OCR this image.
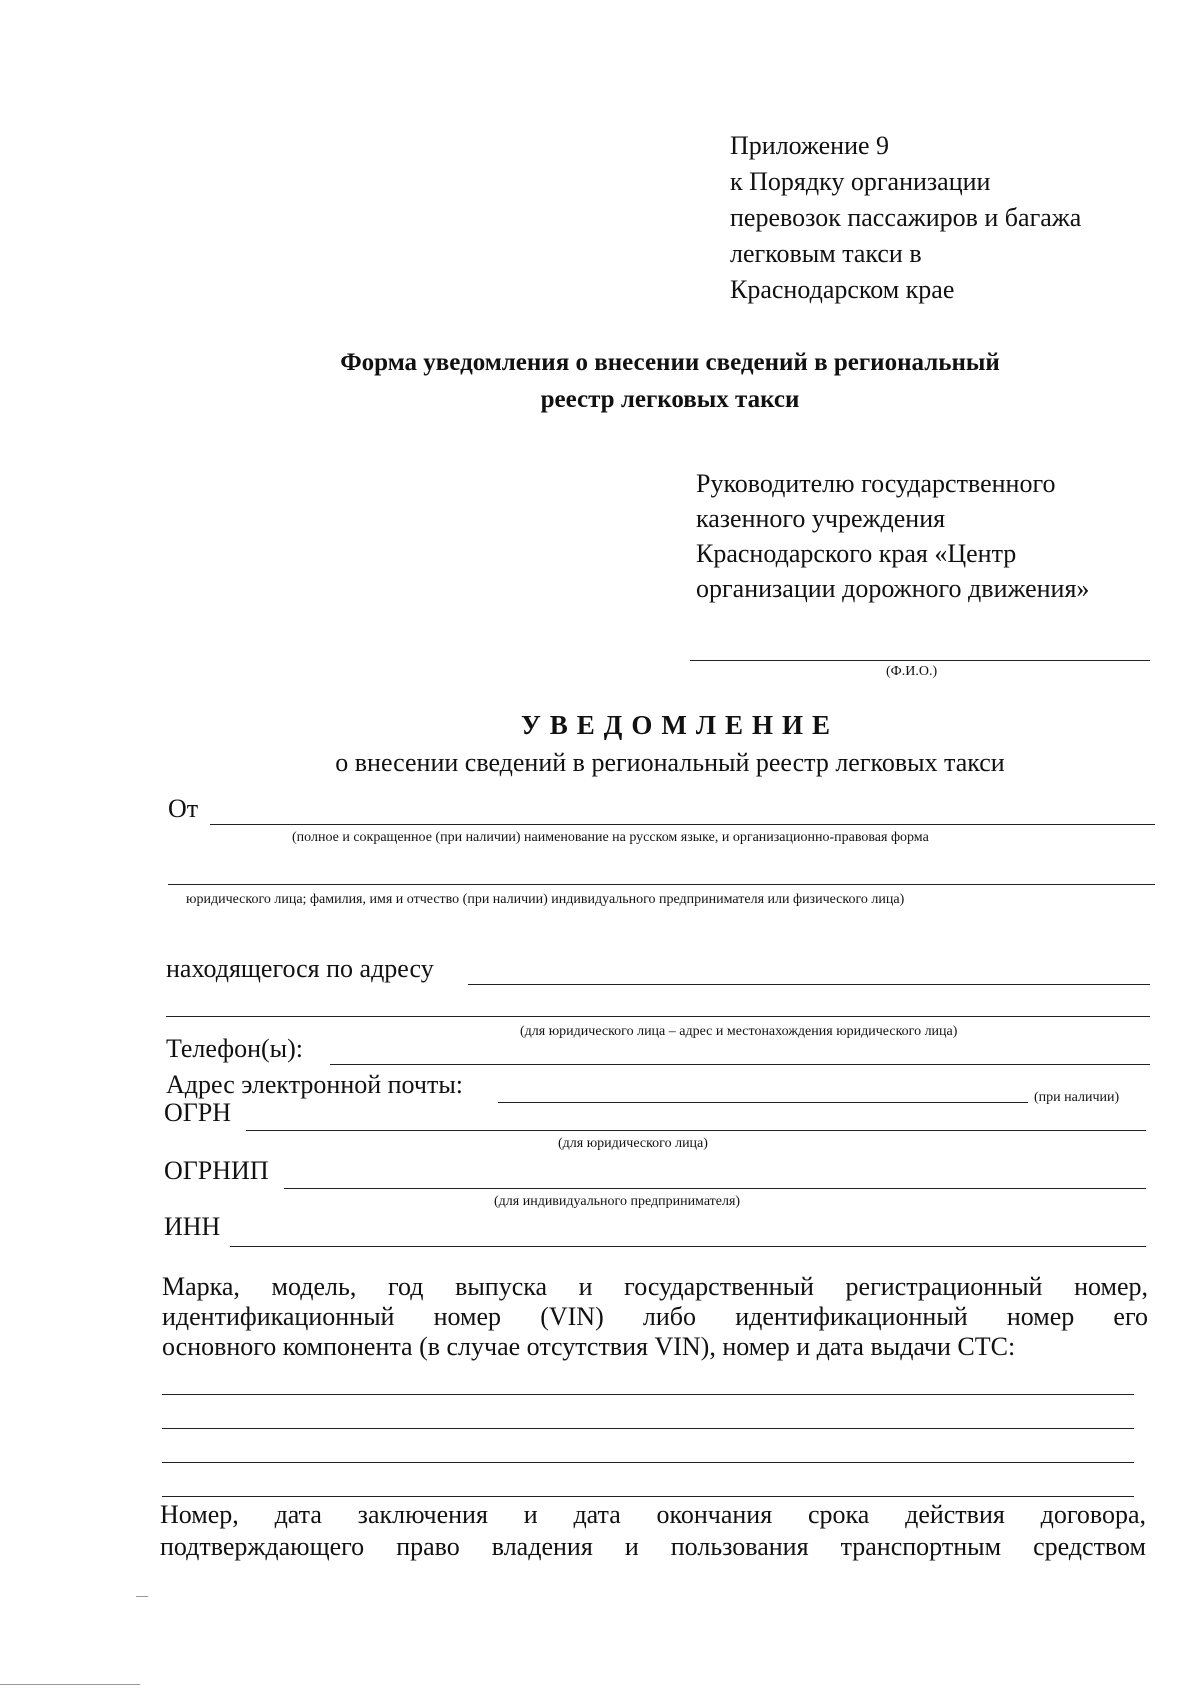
Приложение 9
к Порядку организации
перевозок пассажиров и багажа
легковым такси в
Краснодарском крае
Форма уведомления о внесении сведений в региональный
реестр легковых такси
Руководителю государственного
казенного учреждения
Краснодарского края «Центр
организации дорожного движения»
(Ф.И.О.)
УВЕДОМЛЕНИЕ
о внесении сведений в региональный реестр легковых такси
От
(полное и сокращенное (при наличии) наименование на русском языке, и организационно-правовая форма
юридического лица; фамилия, имя и отчество (при наличии) индивидуального предпринимателя или физического лица)
находящегося по адресу
(для юридического лица – адрес и местонахождения юридического лица)
Телефон(ы):
Адрес электронной почты:	(при наличии)
ОГРН
(для юридического лица)
ОГРНИП
(для индивидуального предпринимателя)
ИНН
Марка, модель, год выпуска и государственный регистрационный номер,
идентификационный номер (VIN) либо идентификационный номер его
основного компонента (в случае отсутствия VIN), номер и дата выдачи СТС:
Номер, дата заключения и дата окончания срока действия договора,
подтверждающего право владения и пользования транспортным средством
